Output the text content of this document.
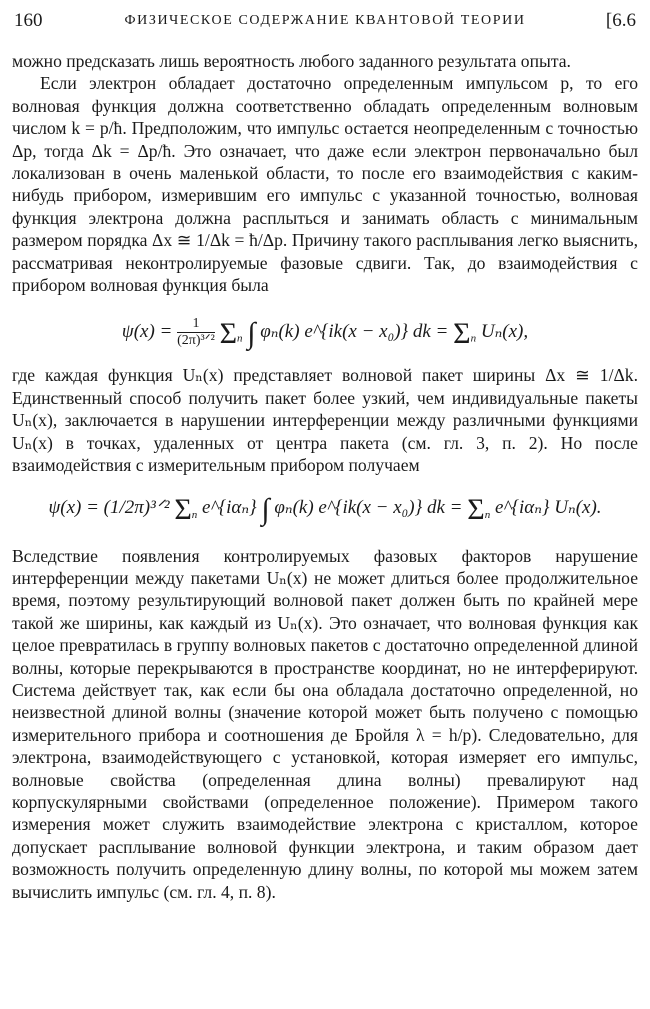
160	ФИЗИЧЕСКОЕ СОДЕРЖАНИЕ КВАНТОВОЙ ТЕОРИИ	[6.6

можно предсказать лишь вероятность любого заданного результата опыта.

Если электрон обладает достаточно определенным импульсом p, то его волновая функция должна соответственно обладать определенным волновым числом k = p/ħ. Предположим, что импульс остается неопределенным с точностью Δp, тогда Δk = Δp/ħ. Это означает, что даже если электрон первоначально был локализован в очень маленькой области, то после его взаимодействия с каким-нибудь прибором, измерившим его импульс с указанной точностью, волновая функция электрона должна расплыться и занимать область с минимальным размером порядка Δx ≅ 1/Δk = ħ/Δp. Причину такого расплывания легко выяснить, рассматривая неконтролируемые фазовые сдвиги. Так, до взаимодействия с прибором волновая функция была

$\psi(x) = \frac{1}{\text{(2π)³ᐟ²}} \Sigma_n$ ∫ φₙ(k) e^{ik(x − x₀)} dk = $\Sigma_n$ Uₙ(x),

где каждая функция Uₙ(x) представляет волновой пакет ширины Δx ≅ 1/Δk. Единственный способ получить пакет более узкий, чем индивидуальные пакеты Uₙ(x), заключается в нарушении интерференции между различными функциями Uₙ(x) в точках, удаленных от центра пакета (см. гл. 3, п. 2). Но после взаимодействия с измерительным прибором получаем

ψ(x) = (1/2π)³ᐟ² $\Sigma_n$ e^{iαₙ} ∫ φₙ(k) e^{ik(x − x₀)} dk = $\Sigma_n$ e^{iαₙ} Uₙ(x).

Вследствие появления контролируемых фазовых факторов нарушение интерференции между пакетами Uₙ(x) не может длиться более продолжительное время, поэтому результирующий волновой пакет должен быть по крайней мере такой же ширины, как каждый из Uₙ(x). Это означает, что волновая функция как целое превратилась в группу волновых пакетов с достаточно определенной длиной волны, которые перекрываются в пространстве координат, но не интерферируют. Система действует так, как если бы она обладала достаточно определенной, но неизвестной длиной волны (значение которой может быть получено с помощью измерительного прибора и соотношения де Бройля λ = h/p). Следовательно, для электрона, взаимодействующего с установкой, которая измеряет его импульс, волновые свойства (определенная длина волны) превалируют над корпускулярными свойствами (определенное положение). Примером такого измерения может служить взаимодействие электрона с кристаллом, которое допускает расплывание волновой функции электрона, и таким образом дает возможность получить определенную длину волны, по которой мы можем затем вычислить импульс (см. гл. 4, п. 8).
